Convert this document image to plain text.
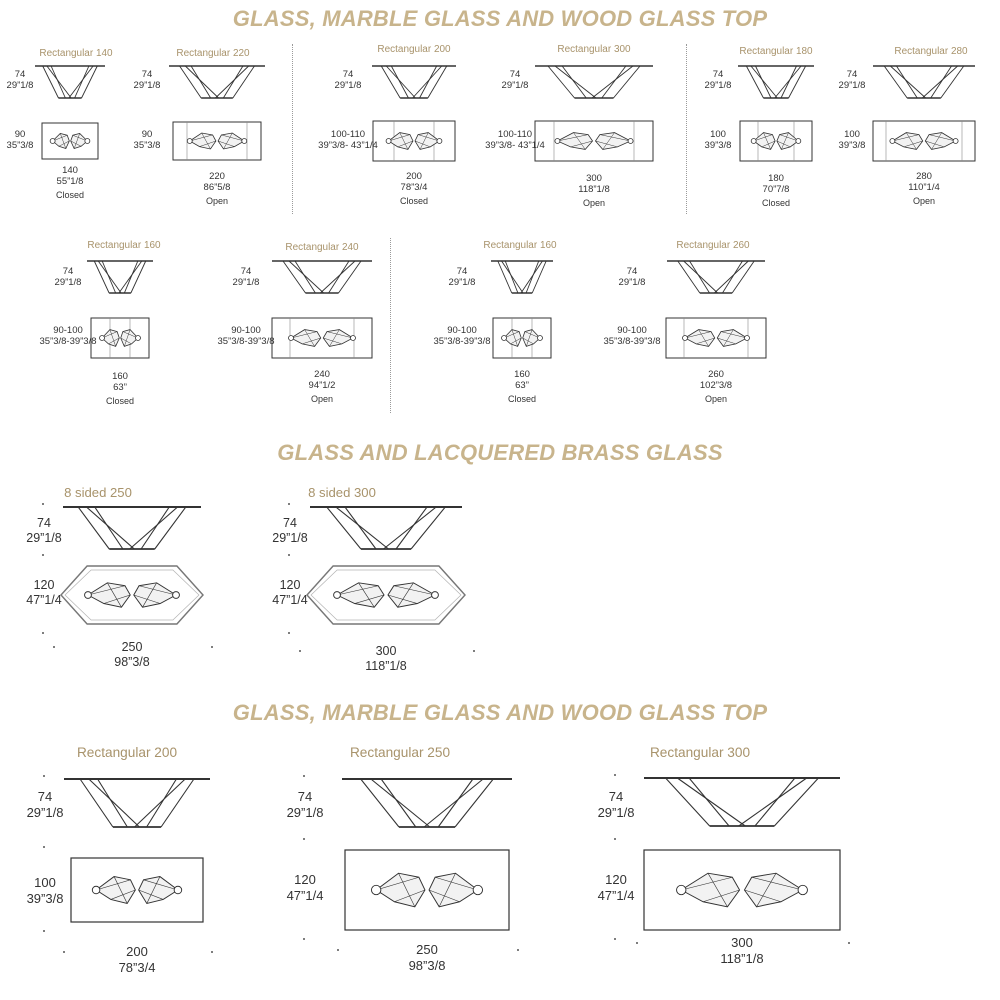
GLASS, MARBLE GLASS AND WOOD GLASS TOP
GLASS AND LACQUERED BRASS GLASS
GLASS, MARBLE GLASS AND WOOD GLASS TOP
Rectangular 140
74
29”1/8
90
35”3/8
140
55”1/8
Closed
Rectangular 220
74
29”1/8
90
35”3/8
220
86”5/8
Open
Rectangular 200
74
29”1/8
100-110
39”3/8- 43”1/4
200
78”3/4
Closed
Rectangular 300
74
29”1/8
100-110
39”3/8- 43”1/4
300
118”1/8
Open
Rectangular 180
74
29”1/8
100
39”3/8
180
70”7/8
Closed
Rectangular 280
74
29”1/8
100
39”3/8
280
110”1/4
Open
Rectangular 160
74
29”1/8
90-100
35”3/8-39”3/8
160
63”
Closed
Rectangular 240
74
29”1/8
90-100
35”3/8-39”3/8
240
94”1/2
Open
Rectangular 160
74
29”1/8
90-100
35”3/8-39”3/8
160
63”
Closed
Rectangular 260
74
29”1/8
90-100
35”3/8-39”3/8
260
102”3/8
Open
8 sided 250
74
29”1/8
120
47”1/4
250
98”3/8
8 sided 300
74
29”1/8
120
47”1/4
300
118”1/8
Rectangular 200
74
29”1/8
100
39”3/8
200
78”3/4
Rectangular 250
74
29”1/8
120
47”1/4
250
98”3/8
Rectangular 300
74
29”1/8
120
47”1/4
300
118”1/8
